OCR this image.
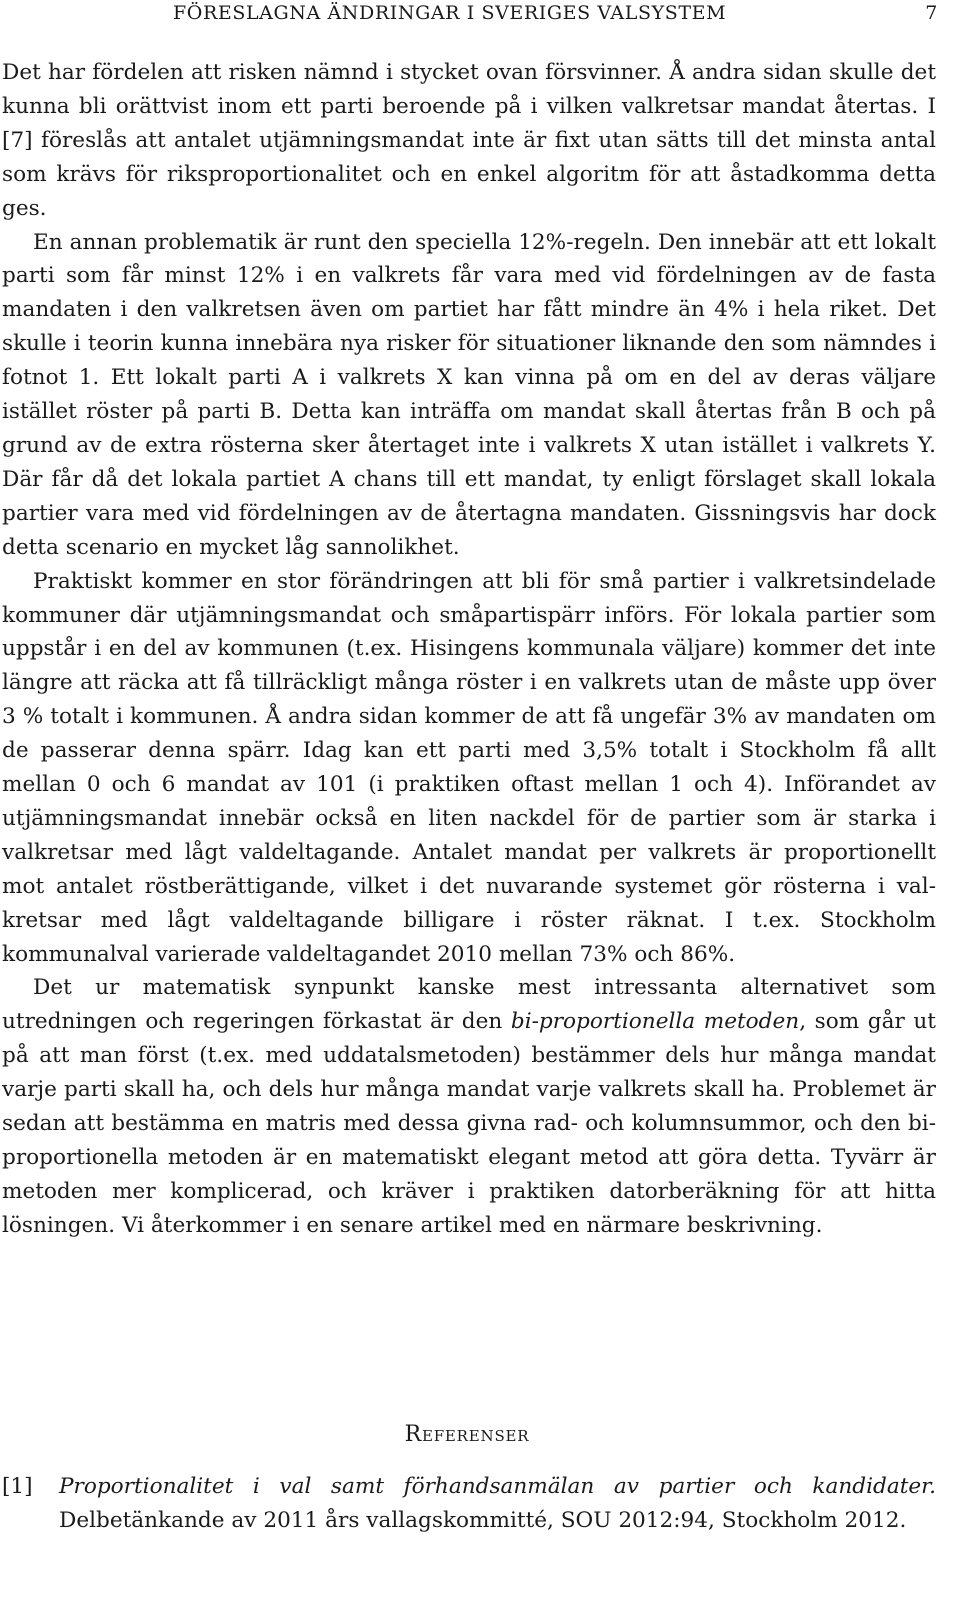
FÖRESLAGNA ÄNDRINGAR I SVERIGES VALSYSTEM	7

Det har fördelen att risken nämnd i stycket ovan försvinner. Å andra sidan skulle det kunna bli orättvist inom ett parti beroende på i vilken valkretsar mandat återtas. I [7] föreslås att antalet utjämningsmandat inte är fixt utan sätts till det minsta antal som krävs för riksproportionalitet och en enkel algoritm för att åstadkomma detta ges.

En annan problematik är runt den speciella 12%-regeln. Den innebär att ett lokalt parti som får minst 12% i en valkrets får vara med vid fördelningen av de fasta mandaten i den valkretsen även om partiet har fått mindre än 4% i hela riket. Det skulle i teorin kunna innebära nya risker för situationer liknande den som nämndes i fotnot 1. Ett lokalt parti A i valkrets X kan vinna på om en del av deras väljare istället röster på parti B. Detta kan inträffa om mandat skall återtas från B och på grund av de extra rösterna sker återtaget inte i valkrets X utan istället i valkrets Y. Där får då det lokala partiet A chans till ett mandat, ty enligt förslaget skall lokala partier vara med vid fördelningen av de återtagna mandaten. Gissningsvis har dock detta scenario en mycket låg sannolikhet.

Praktiskt kommer en stor förändringen att bli för små partier i valkretsindelade kommuner där utjämningsmandat och småpartispärr införs. För lokala partier som uppstår i en del av kommunen (t.ex. Hisingens kommunala väljare) kommer det inte längre att räcka att få tillräckligt många röster i en valkrets utan de måste upp över 3 % totalt i kommunen. Å andra sidan kommer de att få ungefär 3% av mandaten om de passerar denna spärr. Idag kan ett parti med 3,5% totalt i Stockholm få allt mellan 0 och 6 mandat av 101 (i praktiken oftast mellan 1 och 4). Införandet av utjämningsmandat innebär också en liten nackdel för de partier som är starka i valkretsar med lågt valdeltagande. Antalet mandat per valkrets är proportionellt mot antalet röstberättigande, vilket i det nuvarande systemet gör rösterna i valkretsar med lågt valdeltagande billigare i röster räknat. I t.ex. Stockholm kommunalval varierade valdeltagandet 2010 mellan 73% och 86%.

Det ur matematisk synpunkt kanske mest intressanta alternativet som utredningen och regeringen förkastat är den bi-proportionella metoden, som går ut på att man först (t.ex. med uddatalsmetoden) bestämmer dels hur många mandat varje parti skall ha, och dels hur många mandat varje valkrets skall ha. Problemet är sedan att bestämma en matris med dessa givna rad- och kolumnsummor, och den bi-proportionella metoden är en matematiskt elegant metod att göra detta. Tyvärr är metoden mer komplicerad, och kräver i praktiken datorberäkning för att hitta lösningen. Vi återkommer i en senare artikel med en närmare beskrivning.

Referenser
[1] Proportionalitet i val samt förhandsanmälan av partier och kandidater. Delbetänkande av 2011 års vallagskommitté, SOU 2012:94, Stockholm 2012.
